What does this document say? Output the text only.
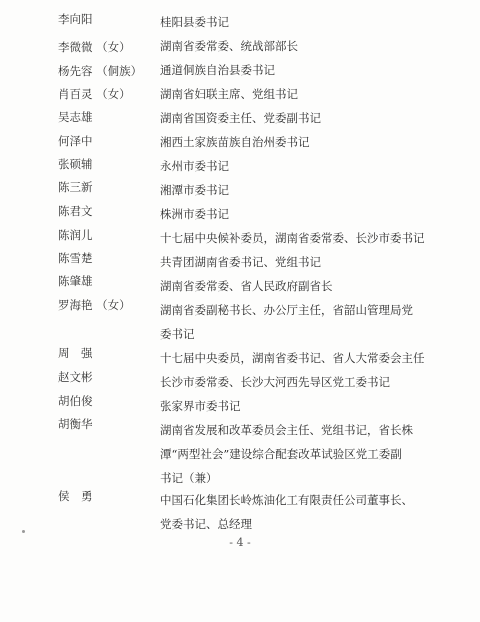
李向阳	桂阳县委书记
李微微 （女）	湖南省委常委、统战部部长
杨先容 （侗族） 通道侗族自治县委书记
肖百灵 （女）	湖南省妇联主席、党组书记
吴志雄	湖南省国资委主任、党委副书记
何泽中	湘西土家族苗族自治州委书记
张硕辅	永州市委书记
陈三新	湘潭市委书记
陈君文	株洲市委书记
陈润儿	十七届中央候补委员，湖南省委常委、长沙市委书记
陈雪楚	共青团湖南省委书记、党组书记
陈肇雄	湖南省委常委、省人民政府副省长
罗海艳 （女）	湖南省委副秘书长、办公厅主任，省韶山管理局党
委书记
周　强	十七届中央委员，湖南省委书记、省人大常委会主任
赵文彬	长沙市委常委、长沙大河西先导区党工委书记
胡伯俊	张家界市委书记
胡衡华	湖南省发展和改革委员会主任、党组书记，省长株
潭“两型社会”建设综合配套改革试验区党工委副
书记（兼）
侯　勇	中国石化集团长岭炼油化工有限责任公司董事长、
党委书记、总经理
- 4 -
